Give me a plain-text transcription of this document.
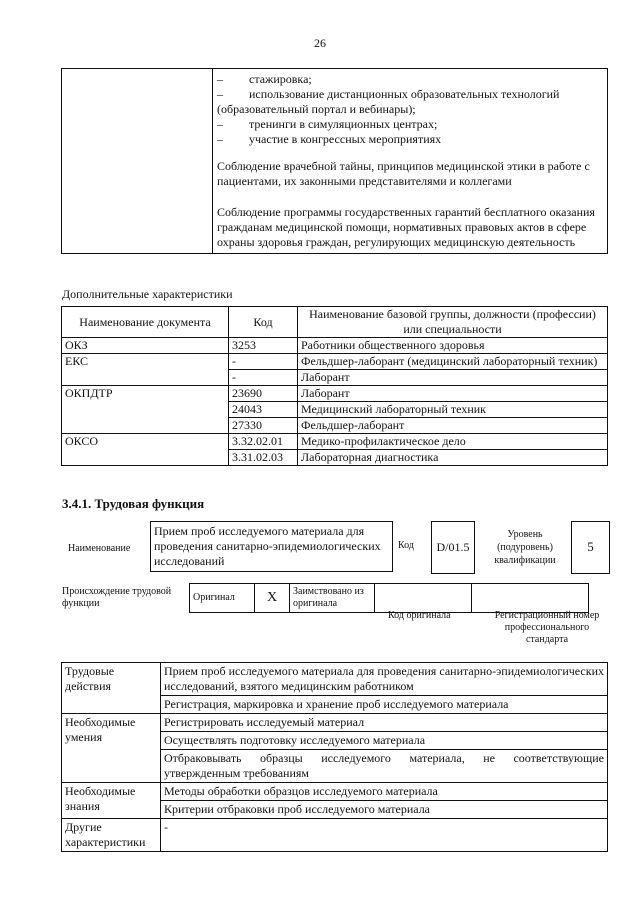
26

–	стажировка;
–	использование дистанционных образовательных технологий
(образовательный портал и вебинары);
–	тренинги в симуляционных центрах;
–	участие в конгрессных мероприятиях
Соблюдение врачебной тайны, принципов медицинской этики в работе с пациентами, их законными представителями и коллегами
Соблюдение программы государственных гарантий бесплатного оказания гражданам медицинской помощи, нормативных правовых актов в сфере охраны здоровья граждан, регулирующих медицинскую деятельность
Дополнительные характеристики
Наименование документа	Код	Наименование базовой группы, должности (профессии) или специальности
ОКЗ	3253	Работники общественного здоровья
ЕКС	-	Фельдшер-лаборант (медицинский лабораторный техник)
	-	Лаборант
ОКПДТР	23690	Лаборант
	24043	Медицинский лабораторный техник
	27330	Фельдшер-лаборант
ОКСО	3.32.02.01	Медико-профилактическое дело
	3.31.02.03	Лабораторная диагностика
3.4.1. Трудовая функция
Наименование
Прием проб исследуемого материала для проведения санитарно-эпидемиологических исследований
Код	D/01.5
Уровень (подуровень) квалификации
5
Происхождение трудовой функции
Оригинал	X	Заимствовано из оригинала		
Код оригинала	Регистрационный номер профессионального стандарта
Трудовые действия	Прием проб исследуемого материала для проведения санитарно-эпидемиологических исследований, взятого медицинским работником
	Регистрация, маркировка и хранение проб исследуемого материала
Необходимые умения	Регистрировать исследуемый материал
	Осуществлять подготовку исследуемого материала
	Отбраковывать образцы исследуемого материала, не соответствующие утвержденным требованиям
Необходимые знания	Методы обработки образцов исследуемого материала
	Критерии отбраковки проб исследуемого материала
Другие характеристики	-
